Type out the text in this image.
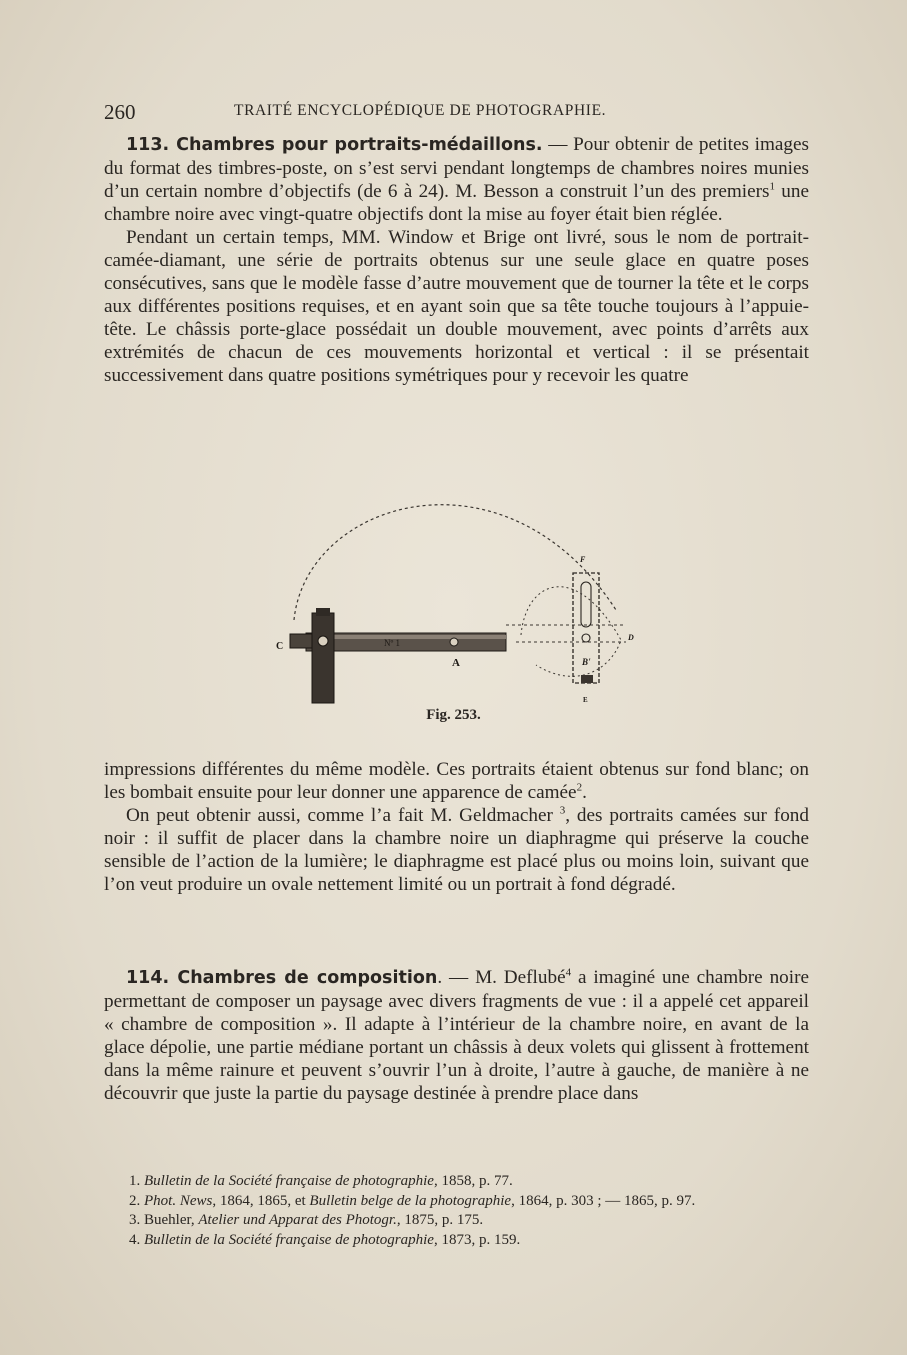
260	TRAITÉ ENCYCLOPÉDIQUE DE PHOTOGRAPHIE.

113. Chambres pour portraits-médaillons. — Pour obtenir de petites images du format des timbres-poste, on s’est servi pendant longtemps de chambres noires munies d’un certain nombre d’objectifs (de 6 à 24). M. Besson a construit l’un des premiers$^1$ une chambre noire avec vingt-quatre objectifs dont la mise au foyer était bien réglée.

Pendant un certain temps, MM. Window et Brige ont livré, sous le nom de portrait-camée-diamant, une série de portraits obtenus sur une seule glace en quatre poses consécutives, sans que le modèle fasse d’autre mouvement que de tourner la tête et le corps aux différentes positions requises, et en ayant soin que sa tête touche toujours à l’appuie-tête. Le châssis porte-glace possédait un double mouvement, avec points d’arrêts aux extrémités de chacun de ces mouvements horizontal et vertical : il se présentait successivement dans quatre positions symétriques pour y recevoir les quatre

C	Nº 1
A
D
F
B'
E
Fig. 253.

impressions différentes du même modèle. Ces portraits étaient obtenus sur fond blanc; on les bombait ensuite pour leur donner une apparence de camée$^2$.

On peut obtenir aussi, comme l’a fait M. Geldmacher $^3$, des portraits camées sur fond noir : il suffit de placer dans la chambre noire un diaphragme qui préserve la couche sensible de l’action de la lumière; le diaphragme est placé plus ou moins loin, suivant que l’on veut produire un ovale nettement limité ou un portrait à fond dégradé.

114. Chambres de composition. — M. Deflubé$^4$ a imaginé une chambre noire permettant de composer un paysage avec divers fragments de vue : il a appelé cet appareil « chambre de composition ». Il adapte à l’intérieur de la chambre noire, en avant de la glace dépolie, une partie médiane portant un châssis à deux volets qui glissent à frottement dans la même rainure et peuvent s’ouvrir l’un à droite, l’autre à gauche, de manière à ne découvrir que juste la partie du paysage destinée à prendre place dans

1. Bulletin de la Société française de photographie, 1858, p. 77.

2. Phot. News, 1864, 1865, et Bulletin belge de la photographie, 1864, p. 303 ; — 1865, p. 97.

3. Buehler, Atelier und Apparat des Photogr., 1875, p. 175.

4. Bulletin de la Société française de photographie, 1873, p. 159.
